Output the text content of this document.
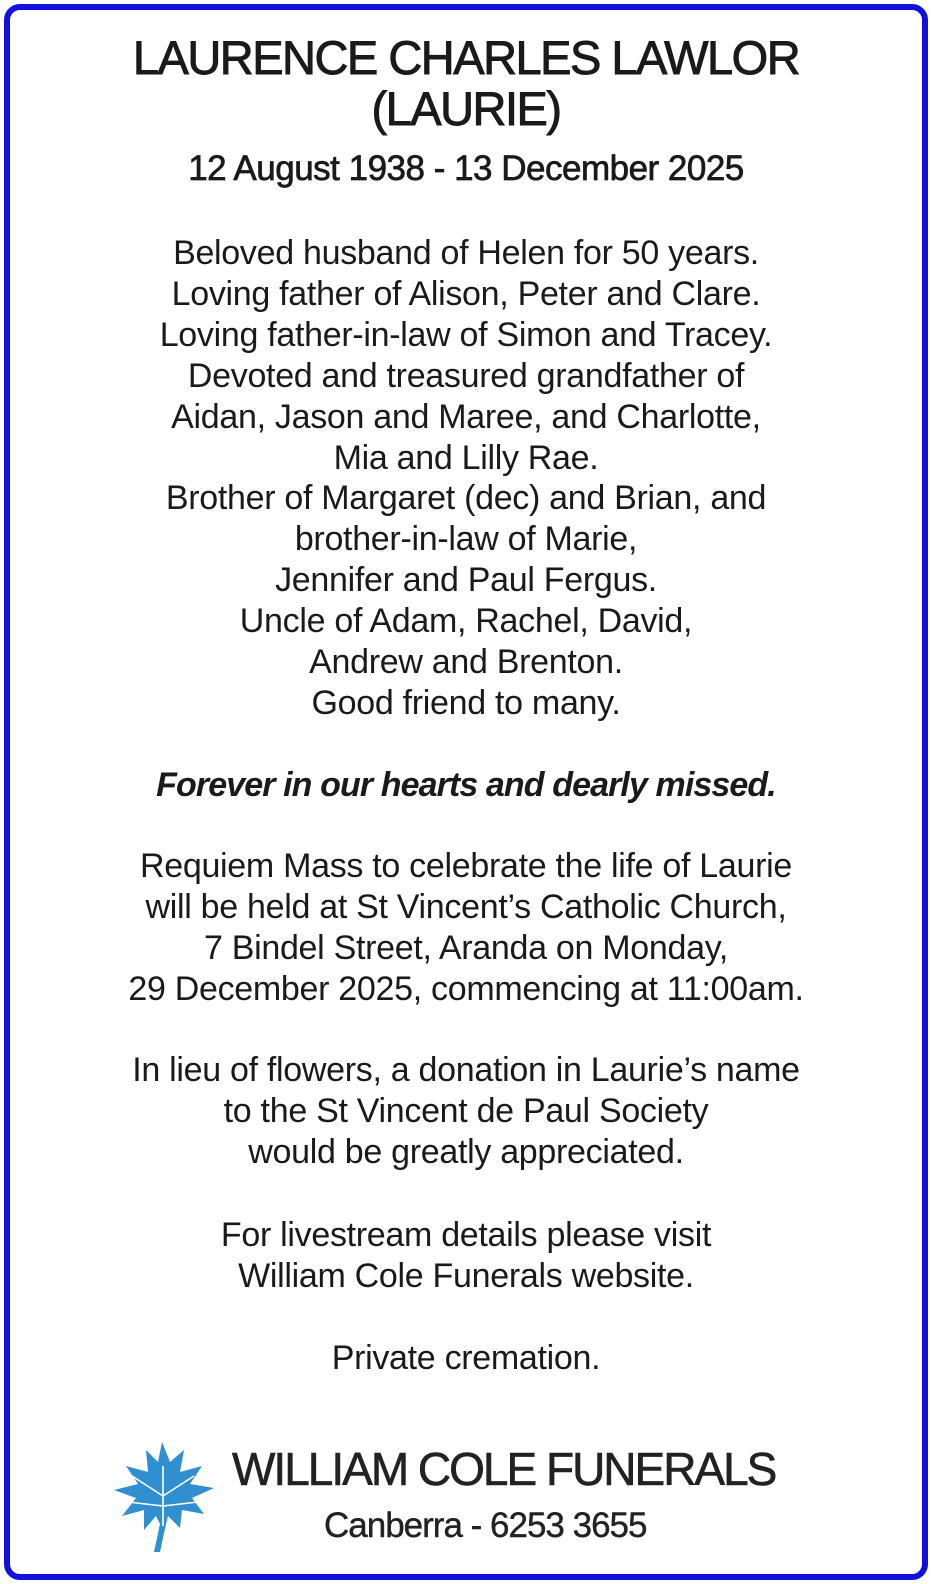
LAURENCE CHARLES LAWLOR
(LAURIE)

12 August 1938 - 13 December 2025

Beloved husband of Helen for 50 years.
Loving father of Alison, Peter and Clare.
Loving father-in-law of Simon and Tracey.
Devoted and treasured grandfather of
Aidan, Jason and Maree, and Charlotte,
Mia and Lilly Rae.
Brother of Margaret (dec) and Brian, and
brother-in-law of Marie,
Jennifer and Paul Fergus.
Uncle of Adam, Rachel, David,
Andrew and Brenton.
Good friend to many.

Forever in our hearts and dearly missed.

Requiem Mass to celebrate the life of Laurie
will be held at St Vincent’s Catholic Church,
7 Bindel Street, Aranda on Monday,
29 December 2025, commencing at 11:00am.

In lieu of flowers, a donation in Laurie’s name
to the St Vincent de Paul Society
would be greatly appreciated.

For livestream details please visit
William Cole Funerals website.

Private cremation.

WILLIAM COLE FUNERALS
Canberra - 6253 3655
